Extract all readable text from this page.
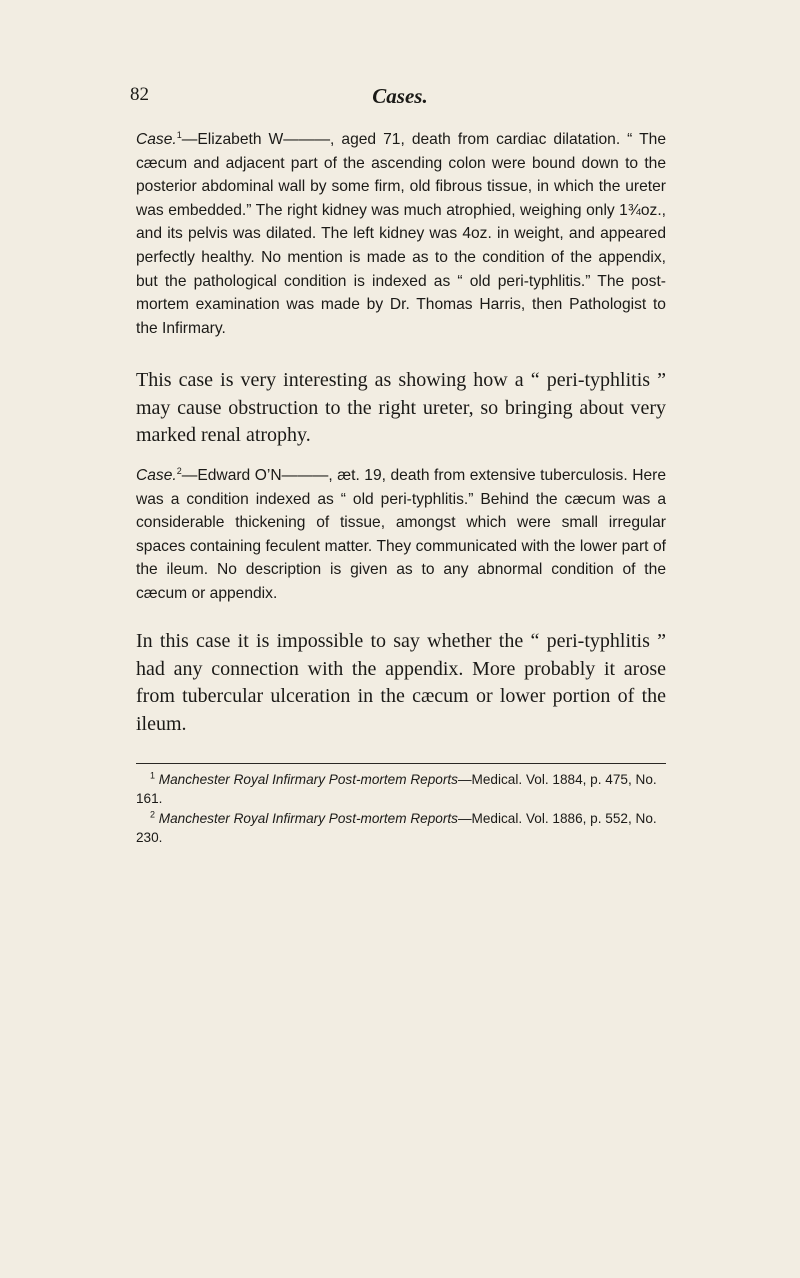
82	Cases.

Case.$^1$—Elizabeth W———, aged 71, death from cardiac dilatation. “ The cæcum and adjacent part of the ascending colon were bound down to the posterior abdominal wall by some firm, old fibrous tissue, in which the ureter was embedded.” The right kidney was much atrophied, weighing only 1¾oz., and its pelvis was dilated. The left kidney was 4oz. in weight, and appeared perfectly healthy. No mention is made as to the condition of the appendix, but the pathological condition is indexed as “ old peri-typhlitis.” The post-mortem examination was made by Dr. Thomas Harris, then Pathologist to the Infirmary.

This case is very interesting as showing how a “ peri-typhlitis ” may cause obstruction to the right ureter, so bringing about very marked renal atrophy.

Case.$^2$—Edward O’N———, æt. 19, death from extensive tuberculosis. Here was a condition indexed as “ old peri-typhlitis.” Behind the cæcum was a considerable thickening of tissue, amongst which were small irregular spaces containing feculent matter. They communicated with the lower part of the ileum. No description is given as to any abnormal condition of the cæcum or appendix.

In this case it is impossible to say whether the “ peri-typhlitis ” had any connection with the appendix. More probably it arose from tubercular ulceration in the cæcum or lower portion of the ileum.

$^1$ Manchester Royal Infirmary Post-mortem Reports—Medical. Vol. 1884, p. 475, No. 161.

$^2$ Manchester Royal Infirmary Post-mortem Reports—Medical. Vol. 1886, p. 552, No. 230.
